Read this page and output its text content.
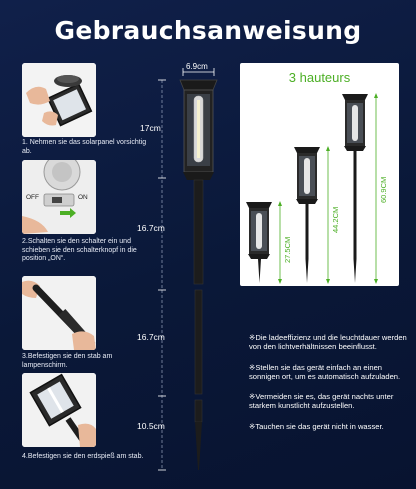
Gebrauchsanweisung
1. Nehmen sie das solarpanel vorsichtig ab.
OFF	ON
2.Schalten sie den schalter ein und schieben sie den schalterknopf in die position „ON“.
3.Befestigen sie den stab am lampenschirm.
4.Befestigen sie den erdspieß am stab.
6.9cm
17cm
16.7cm
16.7cm
10.5cm
3 hauteurs
27.5CM
44.2CM
60.9CM
※Die ladeeffizienz und die leuchtdauer werden von den lichtverhältnissen beeinflusst.
※Stellen sie das gerät einfach an einen sonnigen ort, um es automatisch aufzuladen.
※Vermeiden sie es, das gerät nachts unter starkem kunstlicht aufzustellen.
※Tauchen sie das gerät nicht in wasser.
